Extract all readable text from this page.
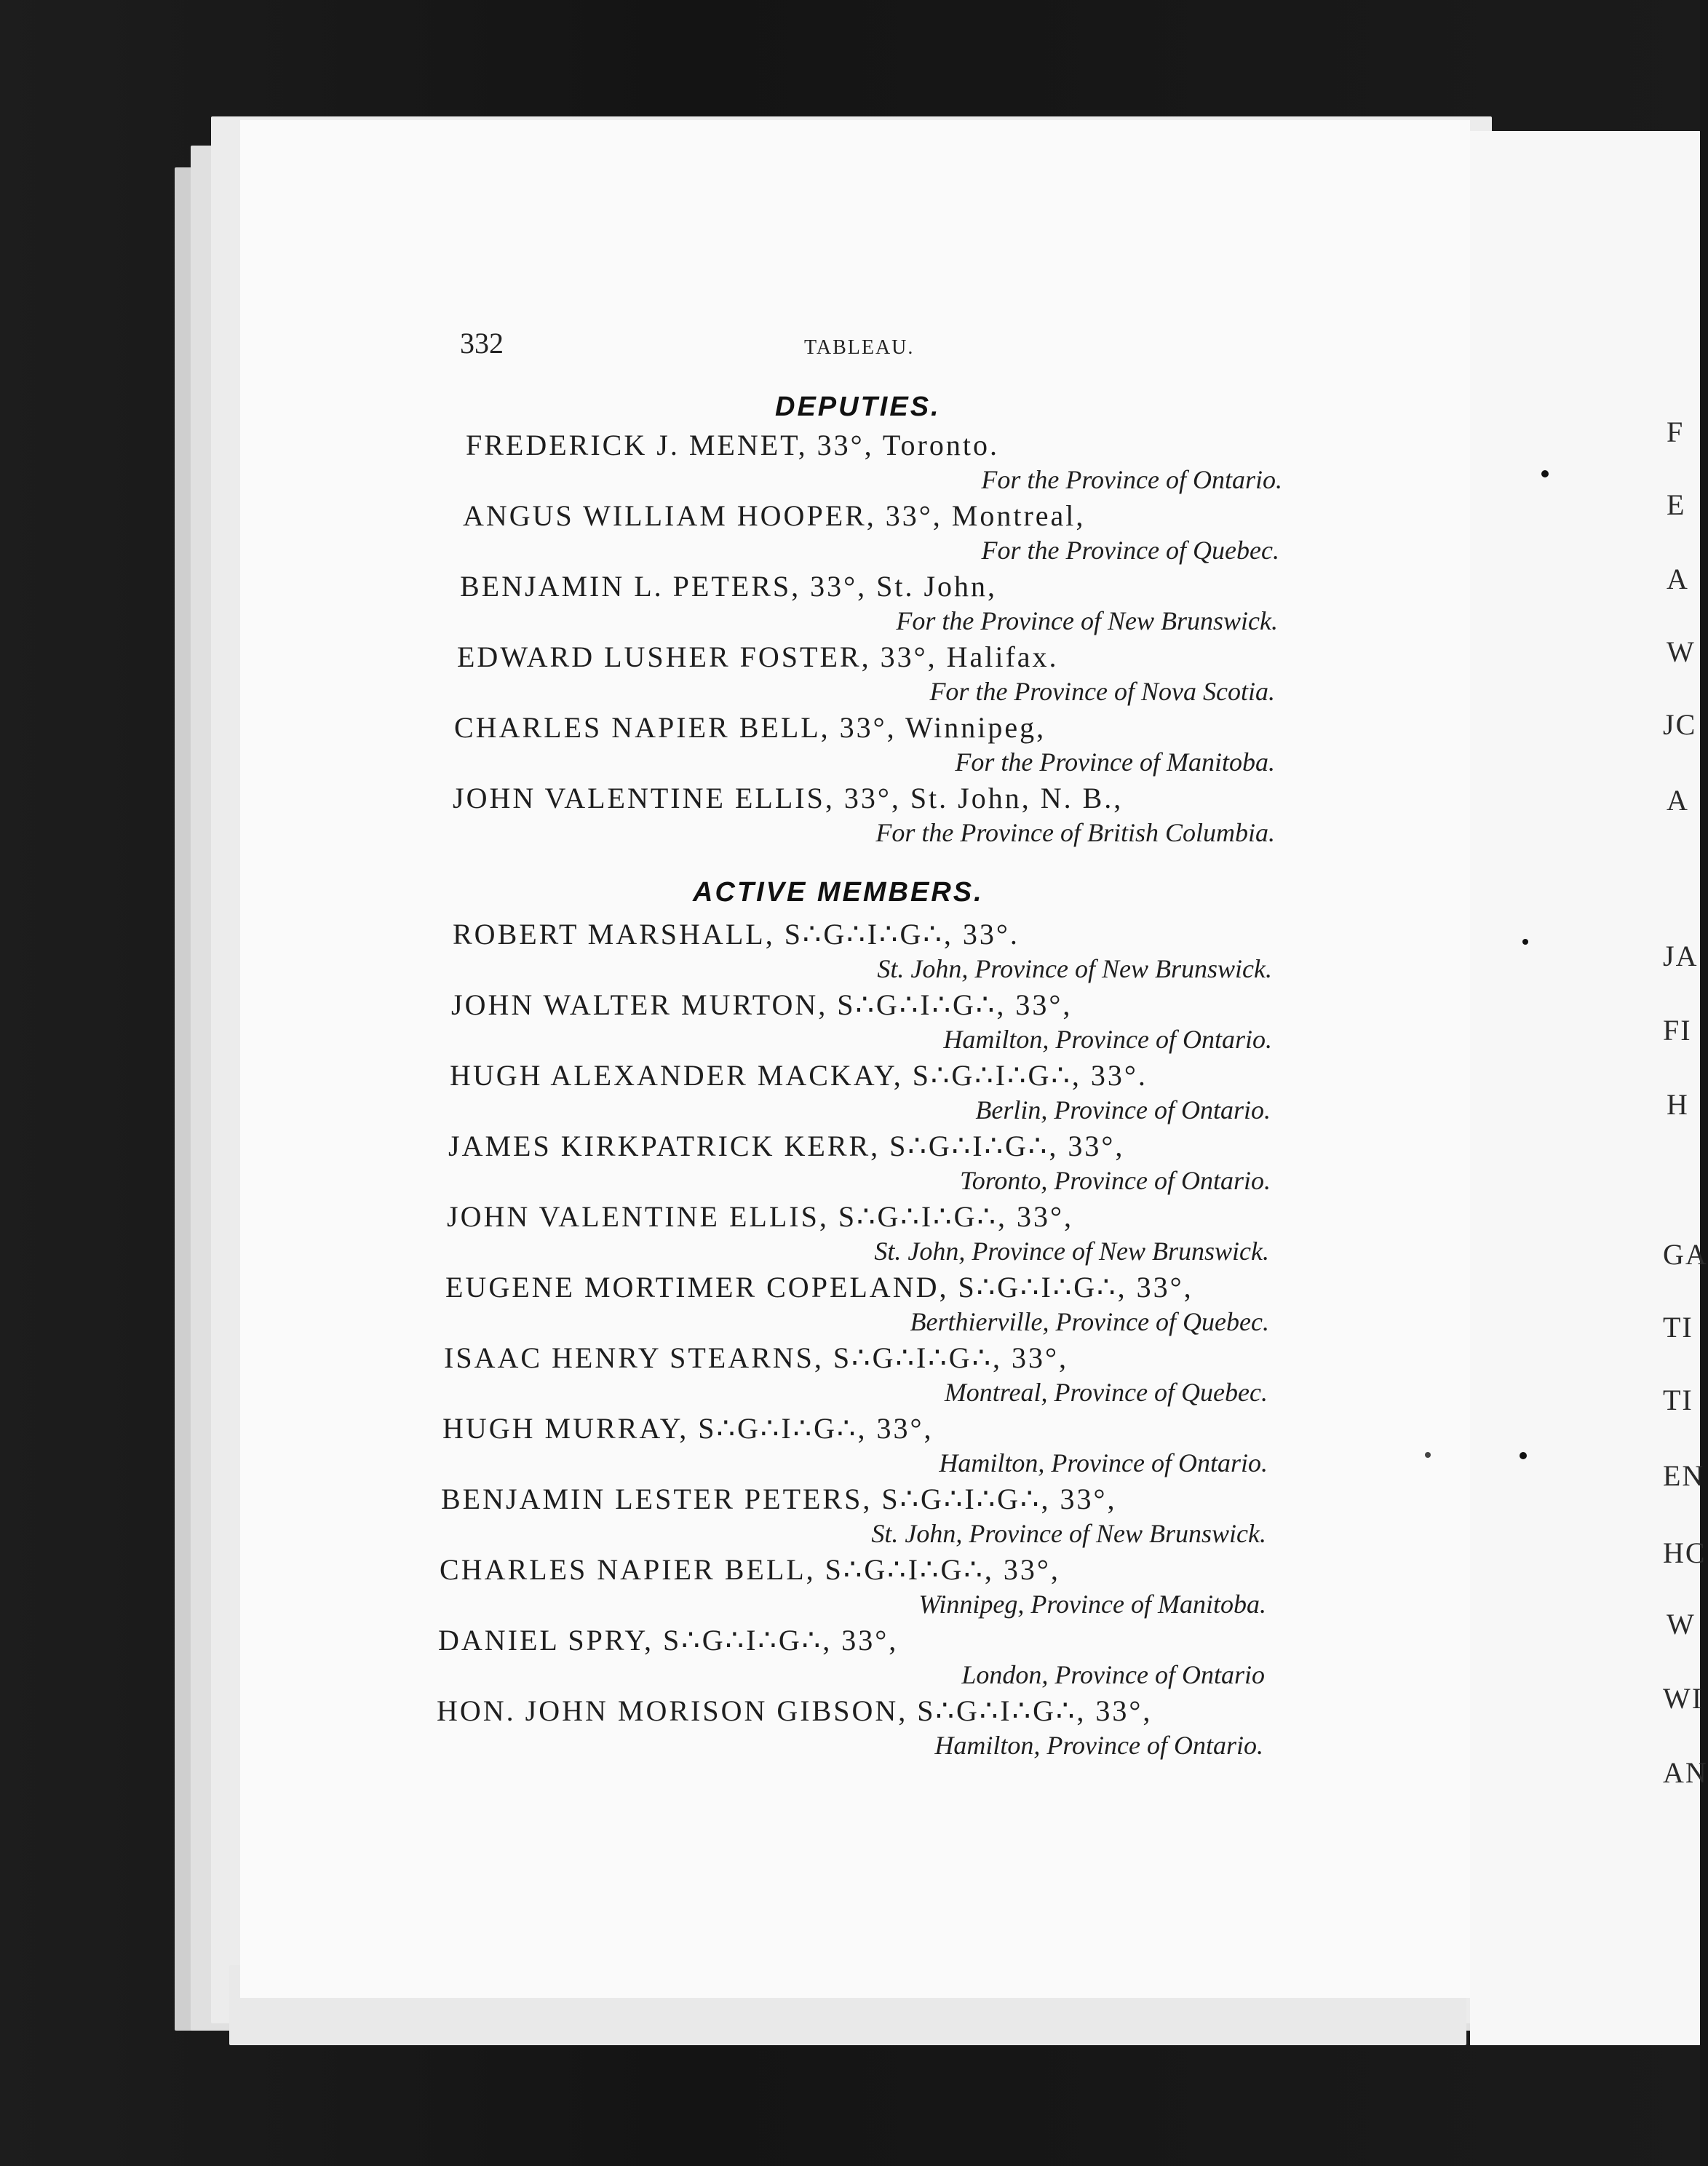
F
E
A
W
JC
A
JA
FI
H
GA
TI
TI
EN
HC
W
WI
AN
332	TABLEAU.
DEPUTIES.
FREDERICK J. MENET, 33°, Toronto.
For the Province of Ontario.
ANGUS WILLIAM HOOPER, 33°, Montreal,
For the Province of Quebec.
BENJAMIN L. PETERS, 33°, St. John,
For the Province of New Brunswick.
EDWARD LUSHER FOSTER, 33°, Halifax.
For the Province of Nova Scotia.
CHARLES NAPIER BELL, 33°, Winnipeg,
For the Province of Manitoba.
JOHN VALENTINE ELLIS, 33°, St. John, N. B.,
For the Province of British Columbia.
ACTIVE MEMBERS.
ROBERT MARSHALL, S∴G∴I∴G∴, 33°.
St. John, Province of New Brunswick.
JOHN WALTER MURTON, S∴G∴I∴G∴, 33°,
Hamilton, Province of Ontario.
HUGH ALEXANDER MACKAY, S∴G∴I∴G∴, 33°.
Berlin, Province of Ontario.
JAMES KIRKPATRICK KERR, S∴G∴I∴G∴, 33°,
Toronto, Province of Ontario.
JOHN VALENTINE ELLIS, S∴G∴I∴G∴, 33°,
St. John, Province of New Brunswick.
EUGENE MORTIMER COPELAND, S∴G∴I∴G∴, 33°,
Berthierville, Province of Quebec.
ISAAC HENRY STEARNS, S∴G∴I∴G∴, 33°,
Montreal, Province of Quebec.
HUGH MURRAY, S∴G∴I∴G∴, 33°,
Hamilton, Province of Ontario.
BENJAMIN LESTER PETERS, S∴G∴I∴G∴, 33°,
St. John, Province of New Brunswick.
CHARLES NAPIER BELL, S∴G∴I∴G∴, 33°,
Winnipeg, Province of Manitoba.
DANIEL SPRY, S∴G∴I∴G∴, 33°,
London, Province of Ontario
HON. JOHN MORISON GIBSON, S∴G∴I∴G∴, 33°,
Hamilton, Province of Ontario.
